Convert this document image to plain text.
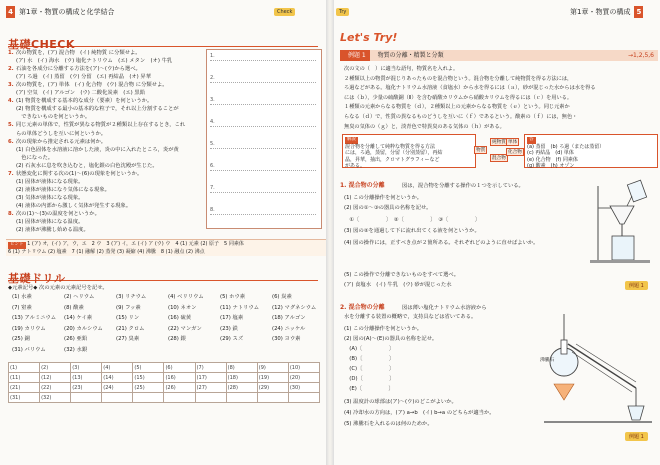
4 第1章・物質の構成と化学結合	Check
基礎CHECK
1. 次の物質を，(ア) 混合物　(イ) 純物質 に分類せよ。
(ア) 水　(イ) 海水　(ウ) 塩化ナトリウム　(エ) メタン　(オ) 牛乳
2. 石油を各成分に分離する方法を(ア)〜(ウ)から選べ。
(ア) ろ過　(イ) 蒸留　(ウ) 分留　(エ) 再結晶　(オ) 昇華
3. 次の物質を，(ア) 単体　(イ) 化合物　(ウ) 混合物 に分類せよ。
(ア) 空気　(イ) アルゴン　(ウ) 二酸化炭素　(エ) 黒鉛
4. (1) 物質を構成する基本的な成分（要素）を何というか。
(2) 物質を構成する最小の基本的な粒子で，それ以上分割することが
　できないものを何というか。
5. 同じ元素の単体で，性質が異なる物質が２種類以上存在するとき，これ
らの単体どうしを互いに何というか。
6. 次の現象から推定される元素は何か。
(1) 白色固体を水溶液に溶かした液，炎の中に入れたところ，炎が黄
　色になった。
(2) 石灰水に息を吹き込むと，塩化銀の白色沈殿が生じた。
7. 状態変化に関する次の(1)〜(6)の現象を何というか。
(1) 固体が液体になる現象。
(2) 液体が液体になり気体になる現象。
(3) 気体が液体になる現象。
(4) 液体の内部から激しく気体が発生する現象。
8. 次の(1)〜(3)の温度を何というか。
(1) 固体が液体になる温度。
(2) 液体が沸騰し始める温度。
1.
2.
3.
4.
5.
6.
7.
8.
ヒント 1 (ア) オ，(イ) ア，ウ，エ　2 ウ　3 (ア) イ，エ (イ) ア (ウ) ウ　4 (1) 元素 (2) 原子　5 同素体
6 (1) ナトリウム (2) 塩素　7 (1) 融解 (2) 蒸発 (3) 凝縮 (4) 沸騰　8 (1) 融点 (2) 沸点
基礎ドリル
◆元素記号◆ 次の元素の元素記号を記せ。
(1) 水素	(2) ヘリウム	(3) リチウム	(4) ベリリウム	(5) ホウ素	(6) 炭素
(7) 窒素	(8) 酸素	(9) フッ素	(10) ネオン	(11) ナトリウム (12) マグネシウム
(13) アルミニウム (14) ケイ素	(15) リン	(16) 硫黄	(17) 塩素	(18) アルゴン
(19) カリウム	(20) カルシウム (21) クロム	(22) マンガン	(23) 鉄	(24) ニッケル
(25) 銅	(26) 亜鉛	(27) 臭素	(28) 銀	(29) スズ	(30) ヨウ素
(31) バリウム	(32) 水銀
(1)	(2)	(3)	(4)	(5)	(6)	(7)	(8)	(9)	(10)
(11)	(12)	(13)	(14)	(15)	(16)	(17)	(18)	(19)	(20)
(21)	(22)	(23)	(24)	(25)	(26)	(27)	(28)	(29)	(30)
(31)	(32)								
Try	第1章・物質の構成 5
Let's Try!
例題 1 物質の分離・精製と分類	→1,2,5,6
次の文の（　）に適当な語句，物質名を入れよ。
２種類以上の物質が混じりあったものを混合物という。混合物を分離して純物質を得る方法には，
ろ過などがある。塩化ナトリウム水溶液（食塩水）から水を得るには（ａ），砂が混じった水からは水を得る
には（ｂ），少量の硫酸銅（Ⅱ）を含む硝酸カリウムから硝酸カリウムを得るには（ｃ）を用いる。
１種類の元素からなる物質を（ｄ），２種類以上の元素からなる物質を（ｅ）という。同じ元素か
らなる（ｄ）で，性質の異なるものどうしを互いに（ｆ）であるという。酸素の（ｆ）には，無色・
無臭の気体の（ｇ）と，淡青色で特異臭のある気体の（ｈ）がある。
解説
混合物を分離して純粋な物質を得る方法
には，ろ過，蒸留，分留（分別蒸留），再結
晶，昇華，抽出，クロマトグラフィーなど
がある。
物質
純物質
混合物
単体
化合物
答
(a) 蒸留　(b) ろ過（または蒸留）
(c) 再結晶　(d) 単体
(e) 化合物　(f) 同素体
(g) 酸素　(h) オゾン
1. 混合物の分離	図は，混合物を分離する操作の１つを示している。
(1) この分離操作を何というか。
(2) 図の①〜③の器具の名称を記せ。
　①〔　　　　　〕　②〔　　　　　〕　③〔　　　　　〕
(3) 図の②を通過して下に流れ出てくる液を何というか。
(4) 図の操作には，正すべき点が２箇所ある。それぞれどのように直せばよいか。
(5) この操作で分離できないものをすべて選べ。
(ア) 食塩水　(イ) 牛乳　(ウ) 砂が混じった水	例題 1
2. 混合物の分離	図は薄い塩化ナトリウム水溶液から
水を分離する装置の概略で，支持具などは省いてある。
(1) この分離操作を何というか。
(2) 図の(A)〜(E)の器具の名称を記せ。
　(A)〔　　　　　〕
　(B)〔　　　　　〕
　(C)〔　　　　　〕
　(D)〔　　　　　〕
　(E)〔　　　　　〕
(3) 温度計の球部は(ア)〜(ウ)のどこがよいか。
(4) 冷却水の方向は，(ア) a→b　(イ) b→a のどちらが適当か。
(5) 沸騰石を入れるのは何のためか。
沸騰石
例題 1
